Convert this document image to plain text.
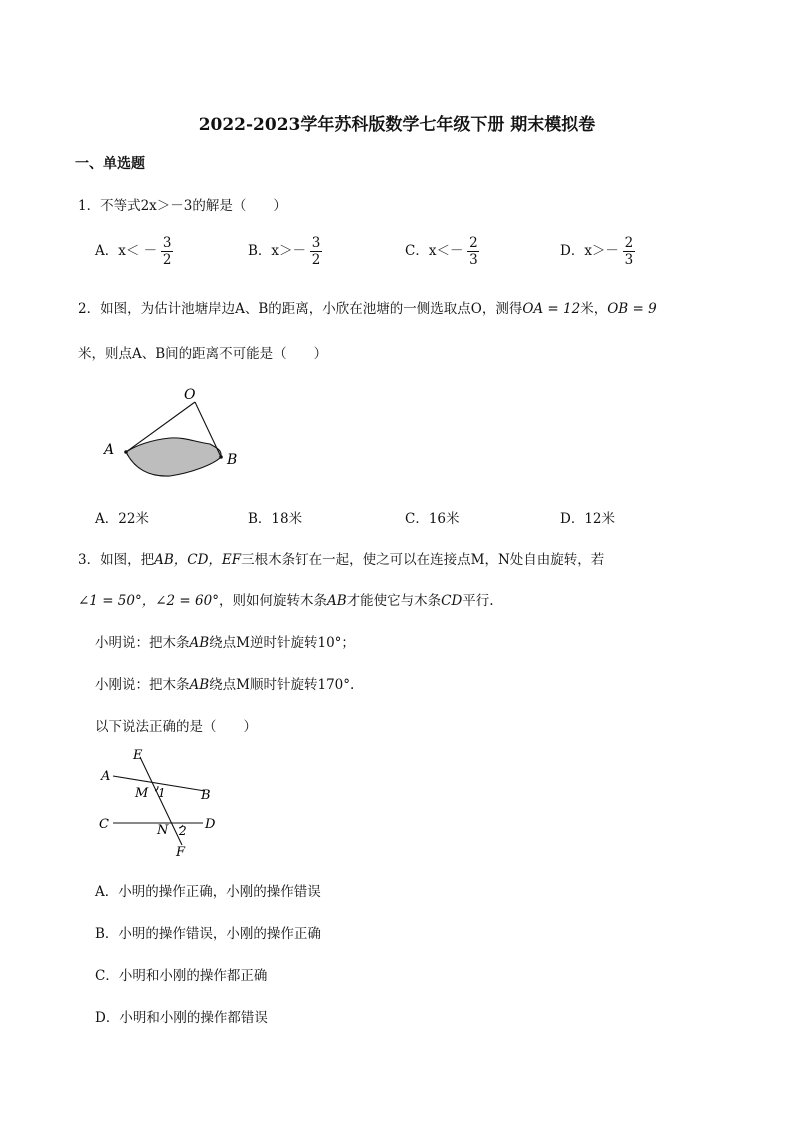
2022-2023学年苏科版数学七年级下册 期末模拟卷
一、单选题
1．不等式2x＞－3的解是（　　）
A．$x< - \frac{3}{2}$	B．$x>- \frac{3}{2}$	C．$x<- \frac{2}{3}$	D．$x>- \frac{2}{3}$
2．如图，为估计池塘岸边A、B的距离，小欣在池塘的一侧选取点O，测得OA = 12米，OB = 9
米，则点A、B间的距离不可能是（　　）
O
A
B
A．22米	B．18米	C．16米	D．12米
3．如图，把AB，CD，EF三根木条钉在一起，使之可以在连接点M，N处自由旋转，若
∠1 = 50°，∠2 = 60°，则如何旋转木条AB才能使它与木条CD平行.
小明说：把木条AB绕点M逆时针旋转10°；
小刚说：把木条AB绕点M顺时针旋转170°.
以下说法正确的是（　　）
E
A
M 1	B
C	N 2 D
F
A．小明的操作正确，小刚的操作错误
B．小明的操作错误，小刚的操作正确
C．小明和小刚的操作都正确
D．小明和小刚的操作都错误
